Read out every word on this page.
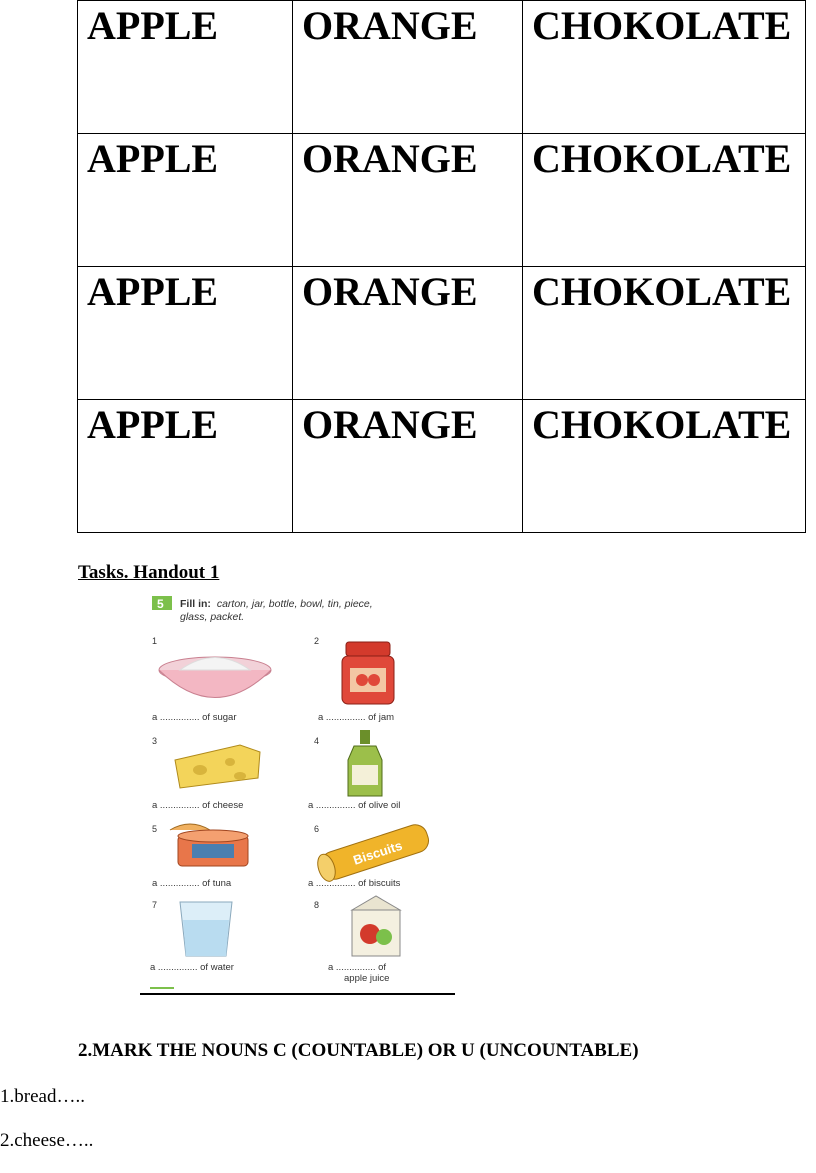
APPLE	ORANGE	CHOKOLATE

APPLE	ORANGE	CHOKOLATE

APPLE	ORANGE	CHOKOLATE

APPLE	ORANGE	CHOKOLATE
Tasks. Handout 1
5 Fill in: carton, jar, bottle, bowl, tin, piece,
glass, packet.
1
a ............... of sugar
2
a ............... of jam
3
a ............... of cheese
4
a ............... of olive oil
5
a ............... of tuna
6
Biscuits
a ............... of biscuits
7
a ............... of water
8
a ............... of
apple juice
2.MARK THE NOUNS C (COUNTABLE) OR U (UNCOUNTABLE)
1.bread…..
2.cheese…..
